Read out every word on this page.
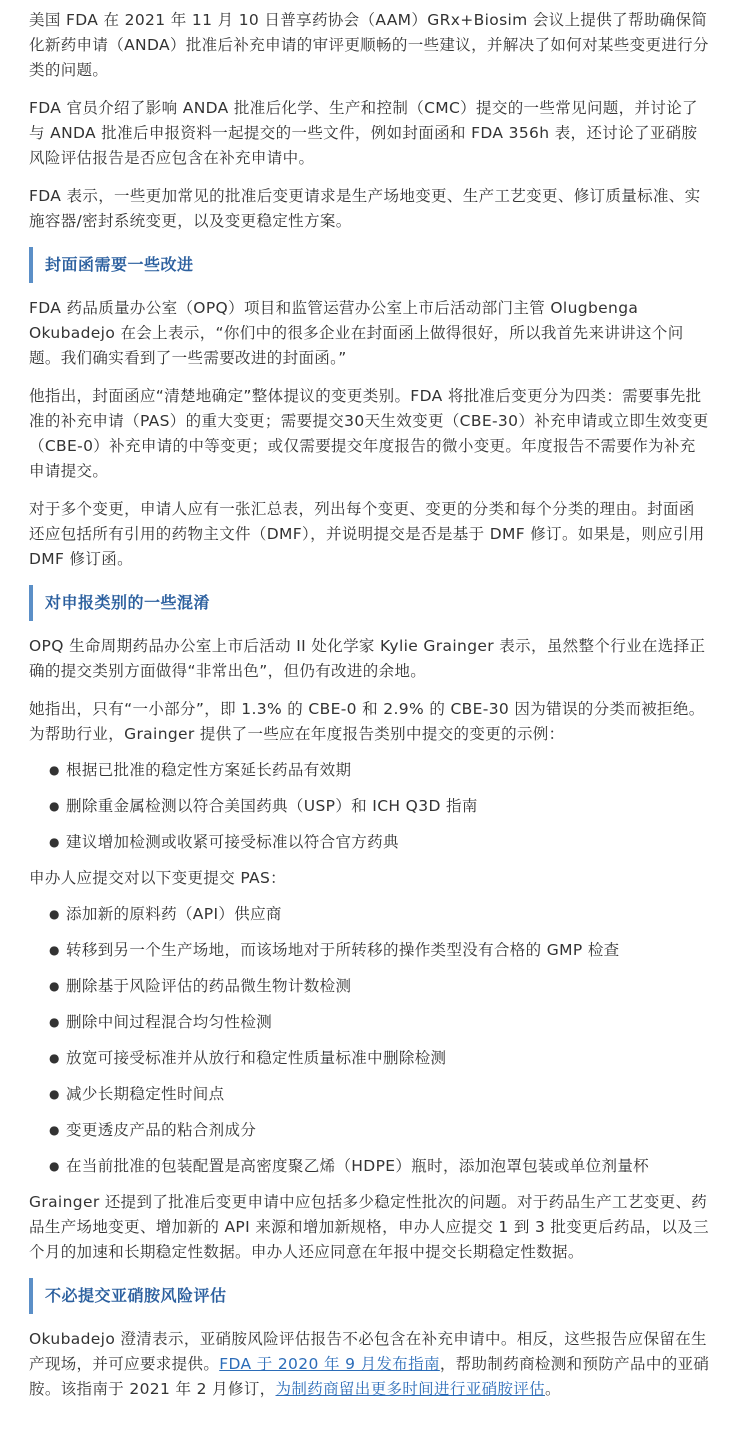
美国 FDA 在 2021 年 11 月 10 日普享药协会（AAM）GRx+Biosim 会议上提供了帮助确保简化新药申请（ANDA）批准后补充申请的审评更顺畅的一些建议，并解决了如何对某些变更进行分类的问题。

FDA 官员介绍了影响 ANDA 批准后化学、生产和控制（CMC）提交的一些常见问题，并讨论了 与 ANDA 批准后申报资料一起提交的一些文件，例如封面函和 FDA 356h 表，还讨论了亚硝胺风险评估报告是否应包含在补充申请中。

FDA 表示，一些更加常见的批准后变更请求是生产场地变更、生产工艺变更、修订质量标准、实施容器/密封系统变更，以及变更稳定性方案。

封面函需要一些改进

FDA 药品质量办公室（OPQ）项目和监管运营办公室上市后活动部门主管 Olugbenga Okubadejo 在会上表示，“你们中的很多企业在封面函上做得很好，所以我首先来讲讲这个问题。我们确实看到了一些需要改进的封面函。”

他指出，封面函应“清楚地确定”整体提议的变更类别。FDA 将批准后变更分为四类：需要事先批准的补充申请（PAS）的重大变更；需要提交30天生效变更（CBE-30）补充申请或立即生效变更（CBE-0）补充申请的中等变更；或仅需要提交年度报告的微小变更。年度报告不需要作为补充申请提交。

对于多个变更，申请人应有一张汇总表，列出每个变更、变更的分类和每个分类的理由。封面函还应包括所有引用的药物主文件（DMF），并说明提交是否是基于 DMF 修订。如果是，则应引用 DMF 修订函。

对申报类别的一些混淆

OPQ 生命周期药品办公室上市后活动 II 处化学家 Kylie Grainger 表示，虽然整个行业在选择正确的提交类别方面做得“非常出色”，但仍有改进的余地。

她指出，只有“一小部分”，即 1.3% 的 CBE-0 和 2.9% 的 CBE-30 因为错误的分类而被拒绝。为帮助行业，Grainger 提供了一些应在年度报告类别中提交的变更的示例：

● 根据已批准的稳定性方案延长药品有效期
● 删除重金属检测以符合美国药典（USP）和 ICH Q3D 指南
● 建议增加检测或收紧可接受标准以符合官方药典

申办人应提交对以下变更提交 PAS：

● 添加新的原料药（API）供应商
● 转移到另一个生产场地，而该场地对于所转移的操作类型没有合格的 GMP 检查
● 删除基于风险评估的药品微生物计数检测
● 删除中间过程混合均匀性检测
● 放宽可接受标准并从放行和稳定性质量标准中删除检测
● 减少长期稳定性时间点
● 变更透皮产品的粘合剂成分
● 在当前批准的包装配置是高密度聚乙烯（HDPE）瓶时，添加泡罩包装或单位剂量杯

Grainger 还提到了批准后变更申请中应包括多少稳定性批次的问题。对于药品生产工艺变更、药品生产场地变更、增加新的 API 来源和增加新规格，申办人应提交 1 到 3 批变更后药品，以及三个月的加速和长期稳定性数据。申办人还应同意在年报中提交长期稳定性数据。

不必提交亚硝胺风险评估

Okubadejo 澄清表示，亚硝胺风险评估报告不必包含在补充申请中。相反，这些报告应保留在生产现场，并可应要求提供。FDA 于 2020 年 9 月发布指南，帮助制药商检测和预防产品中的亚硝胺。该指南于 2021 年 2 月修订，为制药商留出更多时间进行亚硝胺评估。
